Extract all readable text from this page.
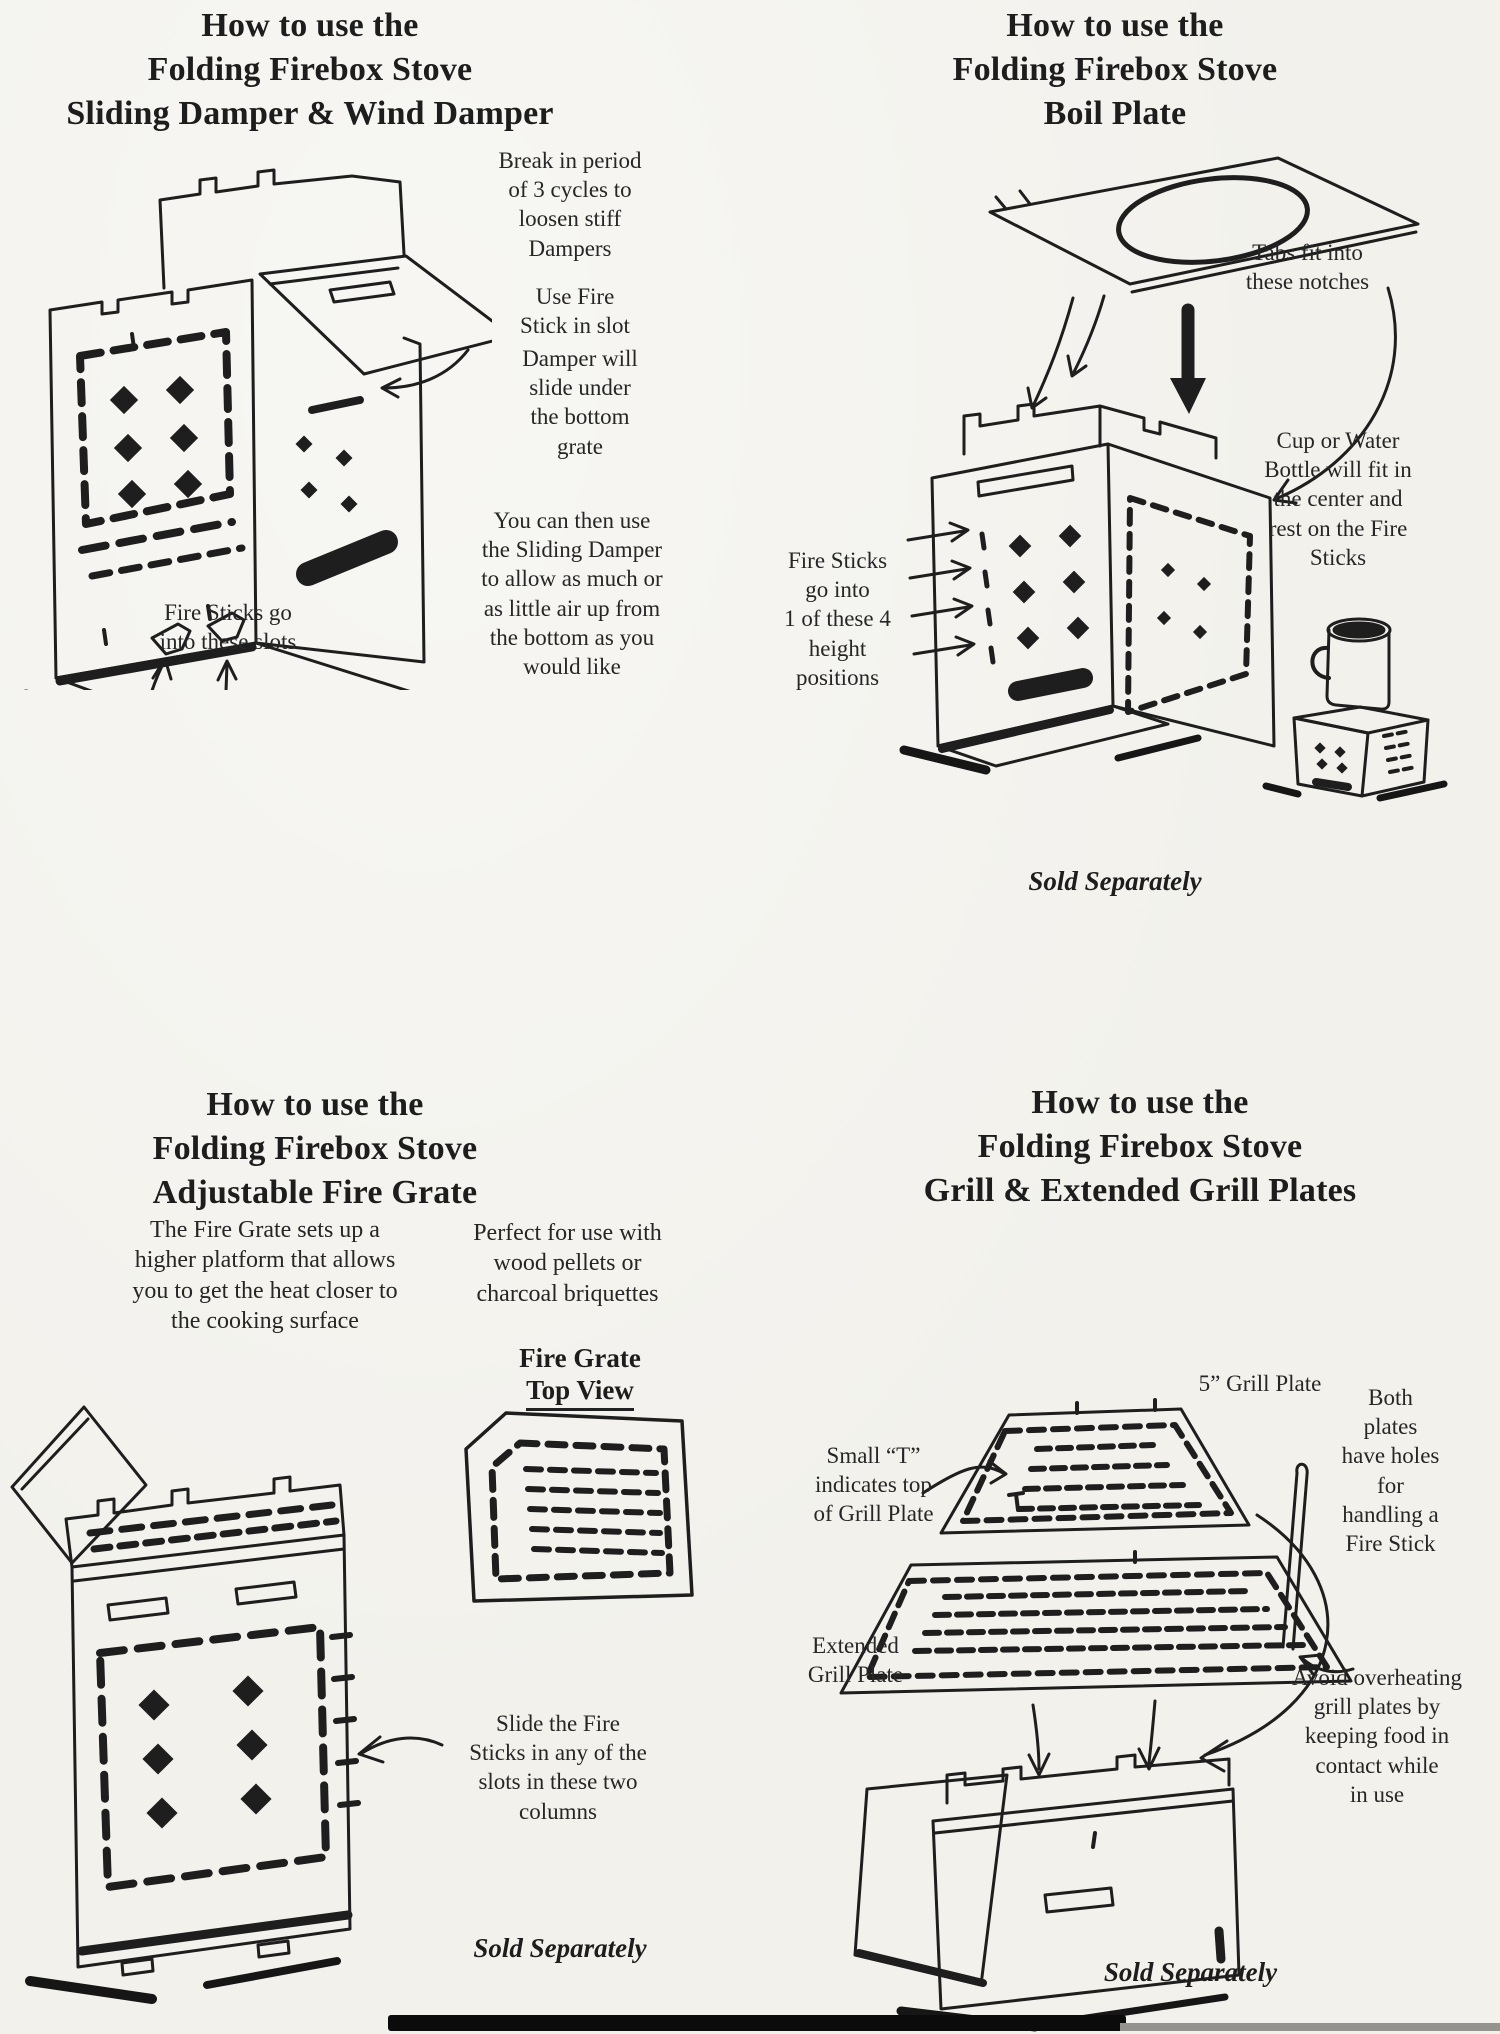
How to use the
Folding Firebox Stove
Sliding Damper & Wind Damper

Break in period
of 3 cycles to
loosen stiff
Dampers

Use Fire
Stick in slot

Damper will
slide under
the bottom
grate

You can then use
the Sliding Damper
to allow as much or
as little air up from
the bottom as you
would like

Fire Sticks go
into these slots

How to use the
Folding Firebox Stove
Boil Plate

Tabs fit into
these notches

Cup or Water
Bottle will fit in
the center and
rest on the Fire
Sticks

Fire Sticks
go into
1 of these 4
height
positions

Sold Separately

How to use the
Folding Firebox Stove
Adjustable Fire Grate

The Fire Grate sets up a
higher platform that allows
you to get the heat closer to
the cooking surface

Perfect for use with
wood pellets or
charcoal briquettes

Fire Grate
Top View

Slide the Fire
Sticks in any of the
slots in these two
columns

Sold Separately

How to use the
Folding Firebox Stove
Grill & Extended Grill Plates

5” Grill Plate

Small “T”
indicates top
of Grill Plate

Both
plates
have holes
for
handling a
Fire Stick

Extended
Grill Plate	Avoid overheating
grill plates by
keeping food in
contact while
in use

Sold Separately
